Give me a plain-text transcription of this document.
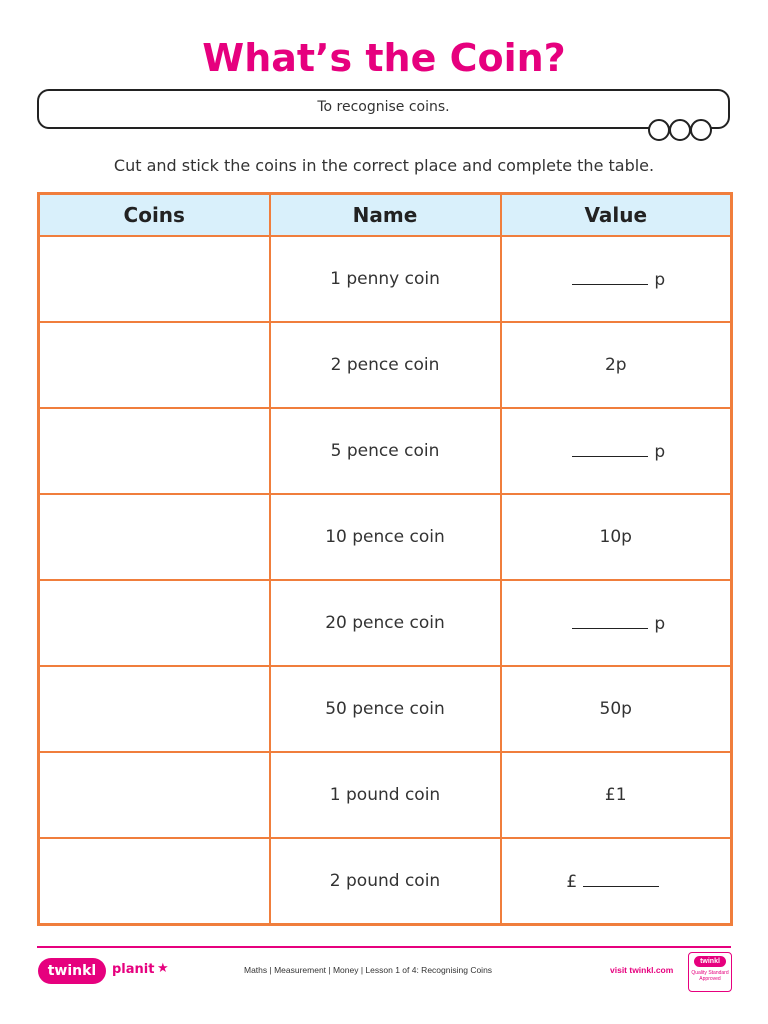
What’s the Coin?
To recognise coins.
Cut and stick the coins in the correct place and complete the table.
Coins	Name	Value
	1 penny coin	p
	2 pence coin	2p
	5 pence coin	p
	10 pence coin	10p
	20 pence coin	p
	50 pence coin	50p
	1 pound coin	£1
	2 pound coin	£
twinkl	planit ★	Maths | Measurement | Money | Lesson 1 of 4: Recognising Coins	visit twinkl.com
twinkl
Quality Standard Approved
